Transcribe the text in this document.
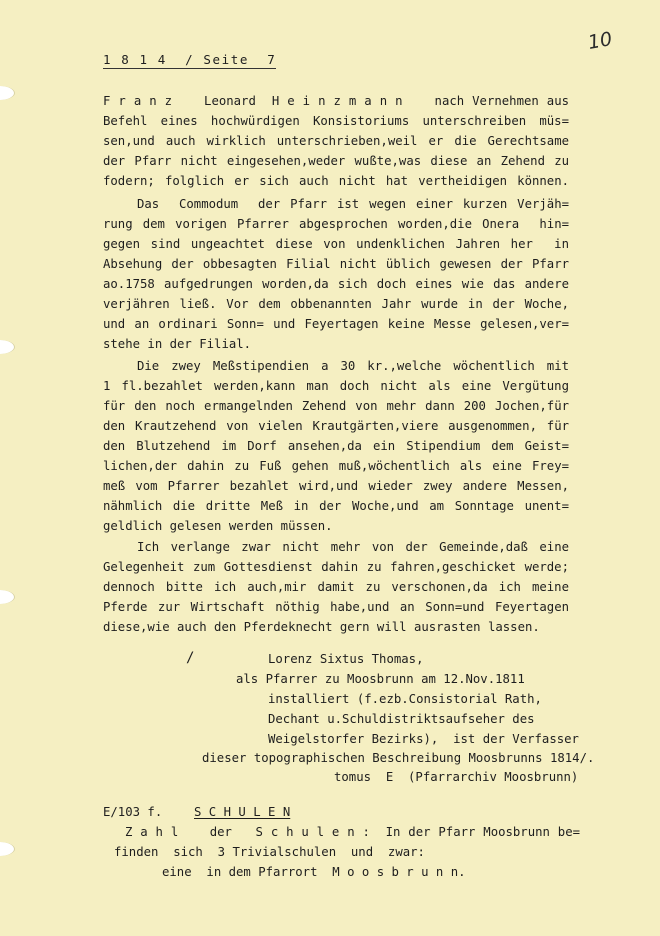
10
1 8 1 4  / Seite  7
F r a n z    Leonard  H e i n z m a n n    nach Vernehmen aus
Befehl eines hochwürdigen Konsistoriums unterschreiben müs=
sen,und auch wirklich unterschrieben,weil er die Gerechtsame
der Pfarr nicht eingesehen,weder wußte,was diese an Zehend zu
fodern; folglich er sich auch nicht hat vertheidigen können.
Das  Commodum  der Pfarr ist wegen einer kurzen Verjäh=
rung dem vorigen Pfarrer abgesprochen worden,die Onera  hin=
gegen sind ungeachtet diese von undenklichen Jahren her  in
Absehung der obbesagten Filial nicht üblich gewesen der Pfarr
ao.1758 aufgedrungen worden,da sich doch eines wie das andere
verjähren ließ. Vor dem obbenannten Jahr wurde in der Woche,
und an ordinari Sonn= und Feyertagen keine Messe gelesen,ver=
stehe in der Filial.
Die zwey Meßstipendien a 30 kr.,welche wöchentlich mit
1 fl.bezahlet werden,kann man doch nicht als eine Vergütung
für den noch ermangelnden Zehend von mehr dann 200 Jochen,für
den Krautzehend von vielen Krautgärten,viere ausgenommen, für
den Blutzehend im Dorf ansehen,da ein Stipendium dem Geist=
lichen,der dahin zu Fuß gehen muß,wöchentlich als eine Frey=
meß vom Pfarrer bezahlet wird,und wieder zwey andere Messen,
nähmlich die dritte Meß in der Woche,und am Sonntage unent=
geldlich gelesen werden müssen.
Ich verlange zwar nicht mehr von der Gemeinde,daß eine
Gelegenheit zum Gottesdienst dahin zu fahren,geschicket werde;
dennoch bitte ich auch,mir damit zu verschonen,da ich meine
Pferde zur Wirtschaft nöthig habe,und an Sonn=und Feyertagen
diese,wie auch den Pferdeknecht gern will ausrasten lassen.
/	Lorenz Sixtus Thomas,
als Pfarrer zu Moosbrunn am 12.Nov.1811
installiert (f.ezb.Consistorial Rath,
Dechant u.Schuldistriktsaufseher des
Weigelstorfer Bezirks),  ist der Verfasser
dieser topographischen Beschreibung Moosbrunns 1814/.
tomus  E  (Pfarrarchiv Moosbrunn)
E/103 f.	S C H U L E N
Z a h l    der   S c h u l e n :  In der Pfarr Moosbrunn be=
finden  sich  3 Trivialschulen  und  zwar:
eine  in dem Pfarrort  M o o s b r u n n.
